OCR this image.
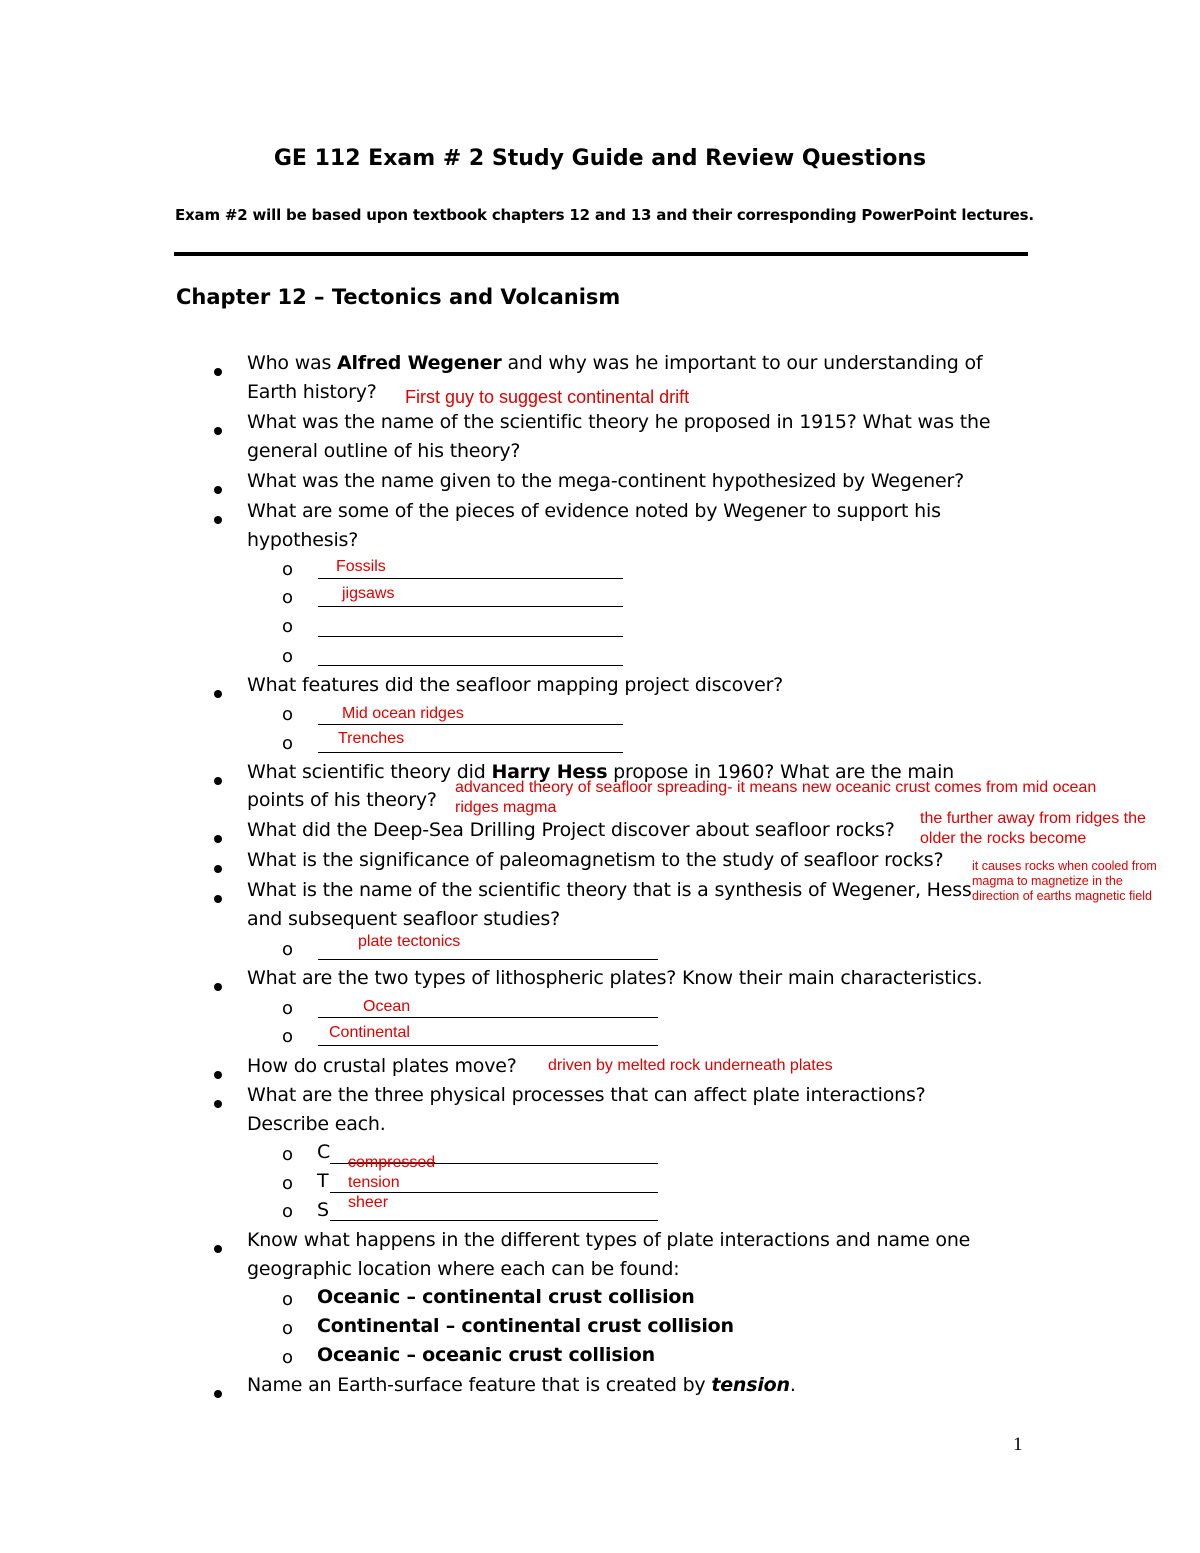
GE 112 Exam # 2 Study Guide and Review Questions
Exam #2 will be based upon textbook chapters 12 and 13 and their corresponding PowerPoint lectures.
Chapter 12 – Tectonics and Volcanism
Who was Alfred Wegener and why was he important to our understanding of
Earth history? First guy to suggest continental drift
What was the name of the scientific theory he proposed in 1915? What was the
general outline of his theory?
What was the name given to the mega-continent hypothesized by Wegener?
What are some of the pieces of evidence noted by Wegener to support his
hypothesis?
o	Fossils
o	jigsaws
o
o
What features did the seafloor mapping project discover?
o	Mid ocean ridges
o	Trenches
What scientific theory did Harry Hess propose in 1960? What are the main
points of his theory?
advanced theory of seafloor spreading- it means new oceanic crust comes from mid ocean
ridges magma
What did the Deep-Sea Drilling Project discover about seafloor rocks?
the further away from ridges the
older the rocks become
What is the significance of paleomagnetism to the study of seafloor rocks? it causes rocks when cooled from
magma to magnetize in the
direction of earths magnetic field
What is the name of the scientific theory that is a synthesis of Wegener, Hess
and subsequent seafloor studies?
o	plate tectonics
What are the two types of lithospheric plates? Know their main characteristics.
o	Ocean
o Continental
How do crustal plates move? driven by melted rock underneath plates
What are the three physical processes that can affect plate interactions?
Describe each.
o C compressed
o T tension
o S sheer
Know what happens in the different types of plate interactions and name one
geographic location where each can be found:
o Oceanic – continental crust collision
o Continental – continental crust collision
o Oceanic – oceanic crust collision
Name an Earth-surface feature that is created by tension.
1
